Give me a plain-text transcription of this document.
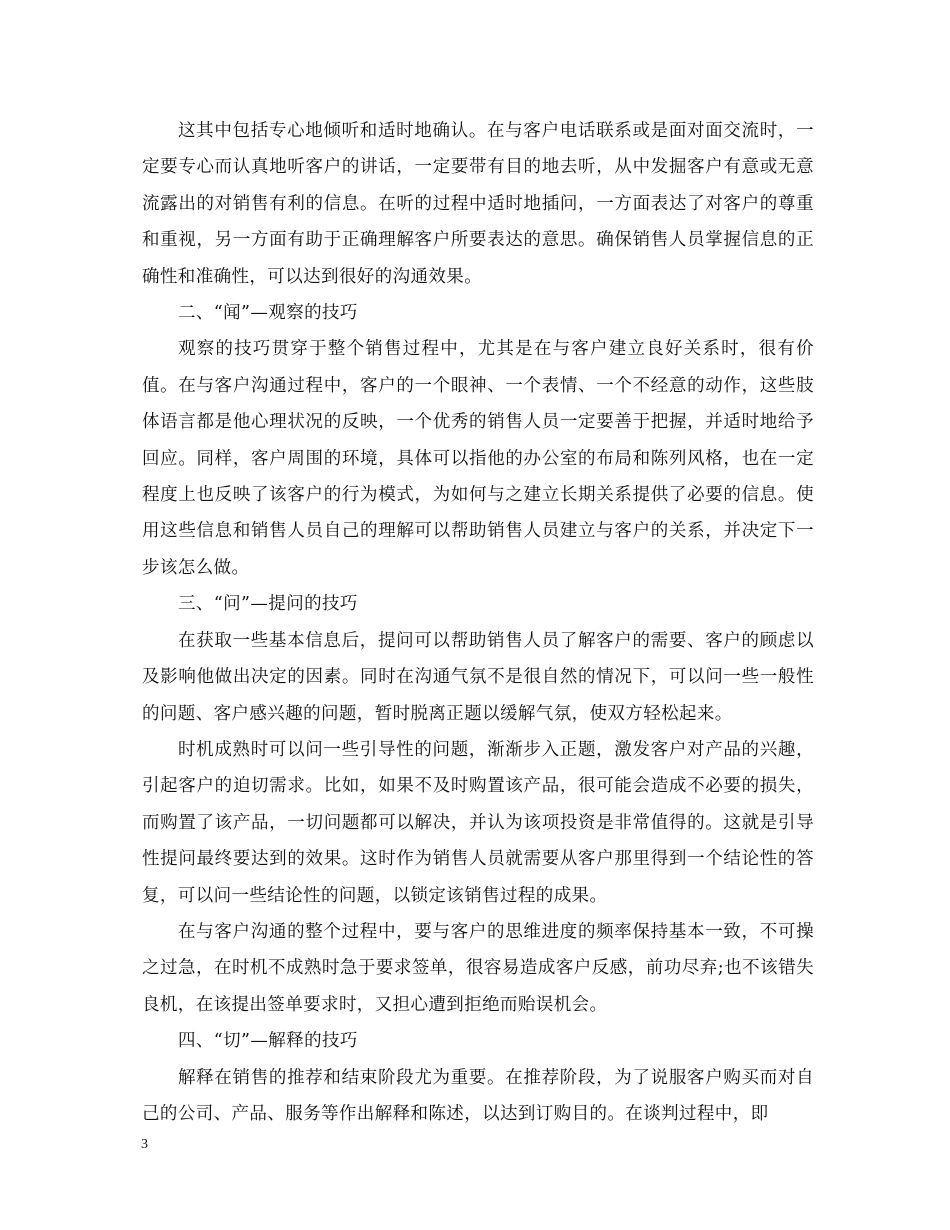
这其中包括专心地倾听和适时地确认。在与客户电话联系或是面对面交流时，一定要专心而认真地听客户的讲话，一定要带有目的地去听，从中发掘客户有意或无意流露出的对销售有利的信息。在听的过程中适时地插问，一方面表达了对客户的尊重和重视，另一方面有助于正确理解客户所要表达的意思。确保销售人员掌握信息的正确性和准确性，可以达到很好的沟通效果。

二、“闻”—观察的技巧

观察的技巧贯穿于整个销售过程中，尤其是在与客户建立良好关系时，很有价值。在与客户沟通过程中，客户的一个眼神、一个表情、一个不经意的动作，这些肢体语言都是他心理状况的反映，一个优秀的销售人员一定要善于把握，并适时地给予回应。同样，客户周围的环境，具体可以指他的办公室的布局和陈列风格，也在一定程度上也反映了该客户的行为模式，为如何与之建立长期关系提供了必要的信息。使用这些信息和销售人员自己的理解可以帮助销售人员建立与客户的关系，并决定下一步该怎么做。

三、“问”—提问的技巧

在获取一些基本信息后，提问可以帮助销售人员了解客户的需要、客户的顾虑以及影响他做出决定的因素。同时在沟通气氛不是很自然的情况下，可以问一些一般性的问题、客户感兴趣的问题，暂时脱离正题以缓解气氛，使双方轻松起来。

时机成熟时可以问一些引导性的问题，渐渐步入正题，激发客户对产品的兴趣，引起客户的迫切需求。比如，如果不及时购置该产品，很可能会造成不必要的损失，而购置了该产品，一切问题都可以解决，并认为该项投资是非常值得的。这就是引导性提问最终要达到的效果。这时作为销售人员就需要从客户那里得到一个结论性的答复，可以问一些结论性的问题，以锁定该销售过程的成果。

在与客户沟通的整个过程中，要与客户的思维进度的频率保持基本一致，不可操之过急，在时机不成熟时急于要求签单，很容易造成客户反感，前功尽弃;也不该错失良机，在该提出签单要求时，又担心遭到拒绝而贻误机会。

四、“切”—解释的技巧

解释在销售的推荐和结束阶段尤为重要。在推荐阶段，为了说服客户购买而对自己的公司、产品、服务等作出解释和陈述，以达到订购目的。在谈判过程中，即

3
